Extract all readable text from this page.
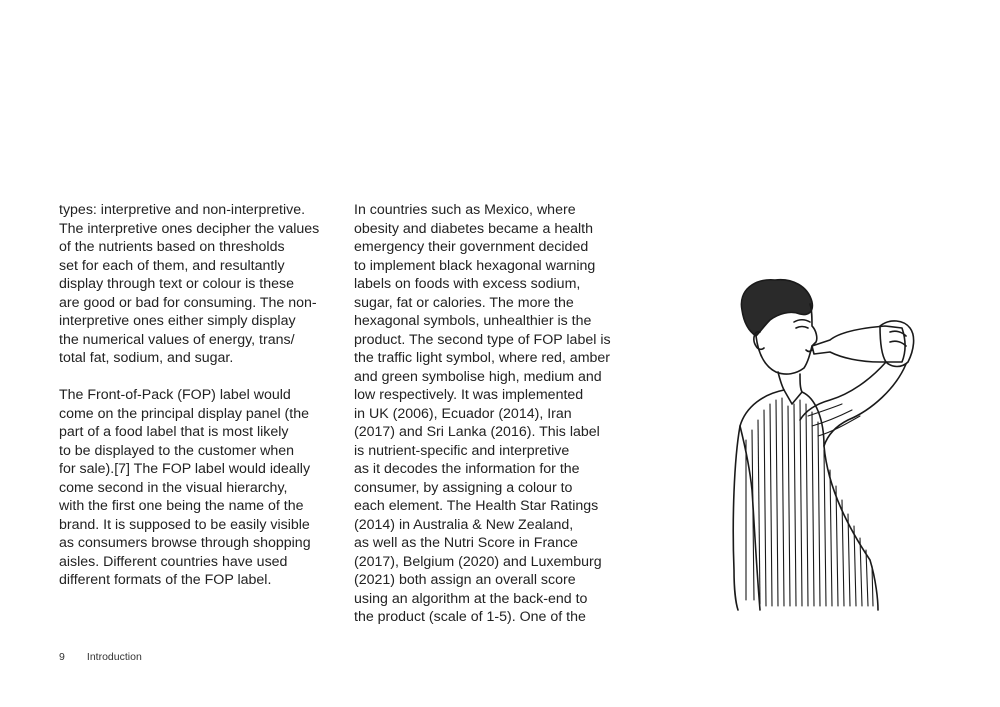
types: interpretive and non-interpretive.
The interpretive ones decipher the values
of the nutrients based on thresholds
set for each of them, and resultantly
display through text or colour is these
are good or bad for consuming. The non-
interpretive ones either simply display
the numerical values of energy, trans/
total fat, sodium, and sugar.

The Front-of-Pack (FOP) label would
come on the principal display panel (the
part of a food label that is most likely
to be displayed to the customer when
for sale).[7] The FOP label would ideally
come second in the visual hierarchy,
with the first one being the name of the
brand. It is supposed to be easily visible
as consumers browse through shopping
aisles. Different countries have used
different formats of the FOP label.

In countries such as Mexico, where
obesity and diabetes became a health
emergency their government decided
to implement black hexagonal warning
labels on foods with excess sodium,
sugar, fat or calories. The more the
hexagonal symbols, unhealthier is the
product. The second type of FOP label is
the traffic light symbol, where red, amber
and green symbolise high, medium and
low respectively. It was implemented
in UK (2006), Ecuador (2014), Iran
(2017) and Sri Lanka (2016). This label
is nutrient-specific and interpretive
as it decodes the information for the
consumer, by assigning a colour to
each element. The Health Star Ratings
(2014) in Australia & New Zealand,
as well as the Nutri Score in France
(2017), Belgium (2020) and Luxemburg
(2021) both assign an overall score
using an algorithm at the back-end to
the product (scale of 1-5). One of the

9 Introduction
